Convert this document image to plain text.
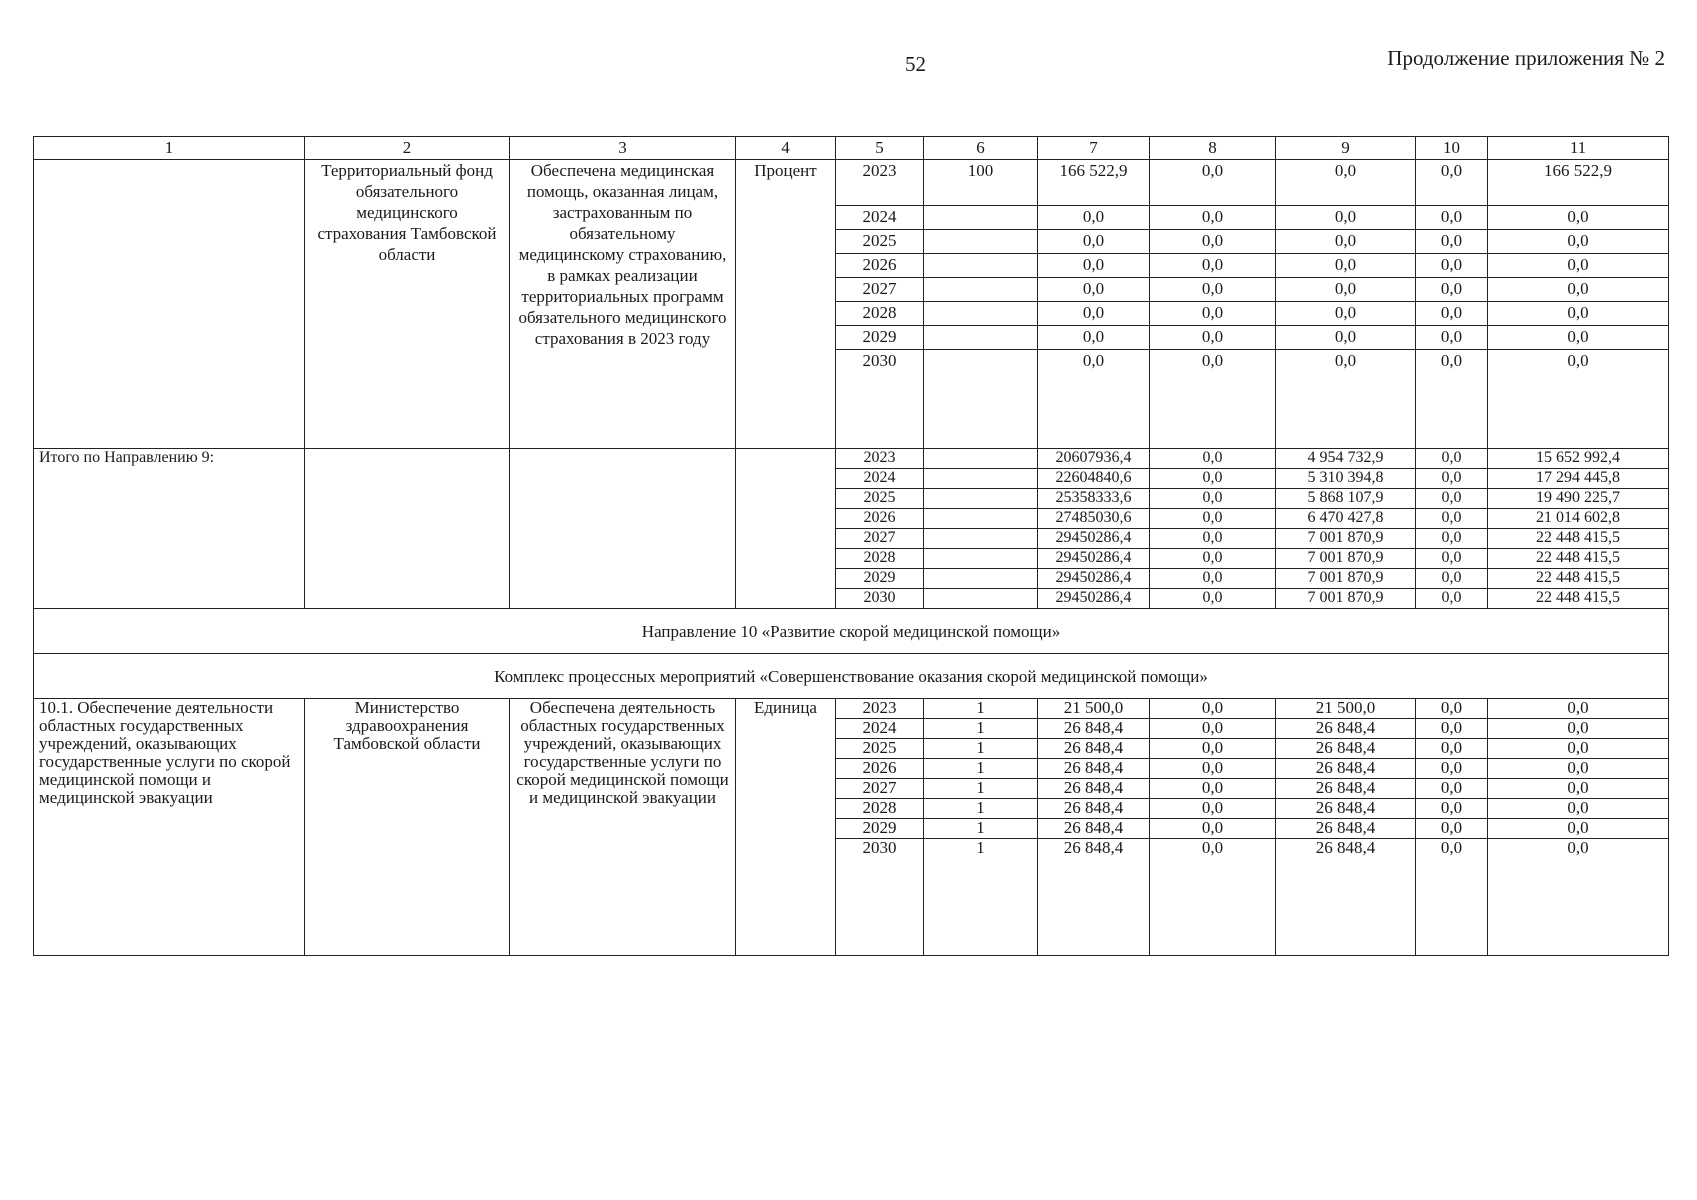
52	Продолжение приложения № 2
1	2	3	4	5	6	7	8	9	10	11
	Территориальный фонд обязательного медицинского страхования Тамбовской области	Обеспечена медицинская помощь, оказанная лицам, застрахованным по обязательному медицинскому страхованию, в рамках реализации территориальных программ обязательного медицинского страхования в 2023 году	Процент	2023	100	166 522,9	0,0	0,0	0,0	166 522,9
				2024		0,0	0,0	0,0	0,0	0,0
				2025		0,0	0,0	0,0	0,0	0,0
				2026		0,0	0,0	0,0	0,0	0,0
				2027		0,0	0,0	0,0	0,0	0,0
				2028		0,0	0,0	0,0	0,0	0,0
				2029		0,0	0,0	0,0	0,0	0,0
				2030		0,0	0,0	0,0	0,0	0,0
Итого по Направлению 9:				2023		20607936,4	0,0	4 954 732,9	0,0	15 652 992,4
				2024		22604840,6	0,0	5 310 394,8	0,0	17 294 445,8
				2025		25358333,6	0,0	5 868 107,9	0,0	19 490 225,7
				2026		27485030,6	0,0	6 470 427,8	0,0	21 014 602,8
				2027		29450286,4	0,0	7 001 870,9	0,0	22 448 415,5
				2028		29450286,4	0,0	7 001 870,9	0,0	22 448 415,5
				2029		29450286,4	0,0	7 001 870,9	0,0	22 448 415,5
				2030		29450286,4	0,0	7 001 870,9	0,0	22 448 415,5
Направление 10 «Развитие скорой медицинской помощи»										
Комплекс процессных мероприятий «Совершенствование оказания скорой медицинской помощи»										
10.1. Обеспечение деятельности областных государственных учреждений, оказывающих государственные услуги по скорой медицинской помощи и медицинской эвакуации	Министерство здравоохранения Тамбовской области	Обеспечена деятельность областных государственных учреждений, оказывающих государственные услуги по скорой медицинской помощи и медицинской эвакуации	Единица	2023	1	21 500,0	0,0	21 500,0	0,0	0,0
				2024	1	26 848,4	0,0	26 848,4	0,0	0,0
				2025	1	26 848,4	0,0	26 848,4	0,0	0,0
				2026	1	26 848,4	0,0	26 848,4	0,0	0,0
				2027	1	26 848,4	0,0	26 848,4	0,0	0,0
				2028	1	26 848,4	0,0	26 848,4	0,0	0,0
				2029	1	26 848,4	0,0	26 848,4	0,0	0,0
				2030	1	26 848,4	0,0	26 848,4	0,0	0,0
